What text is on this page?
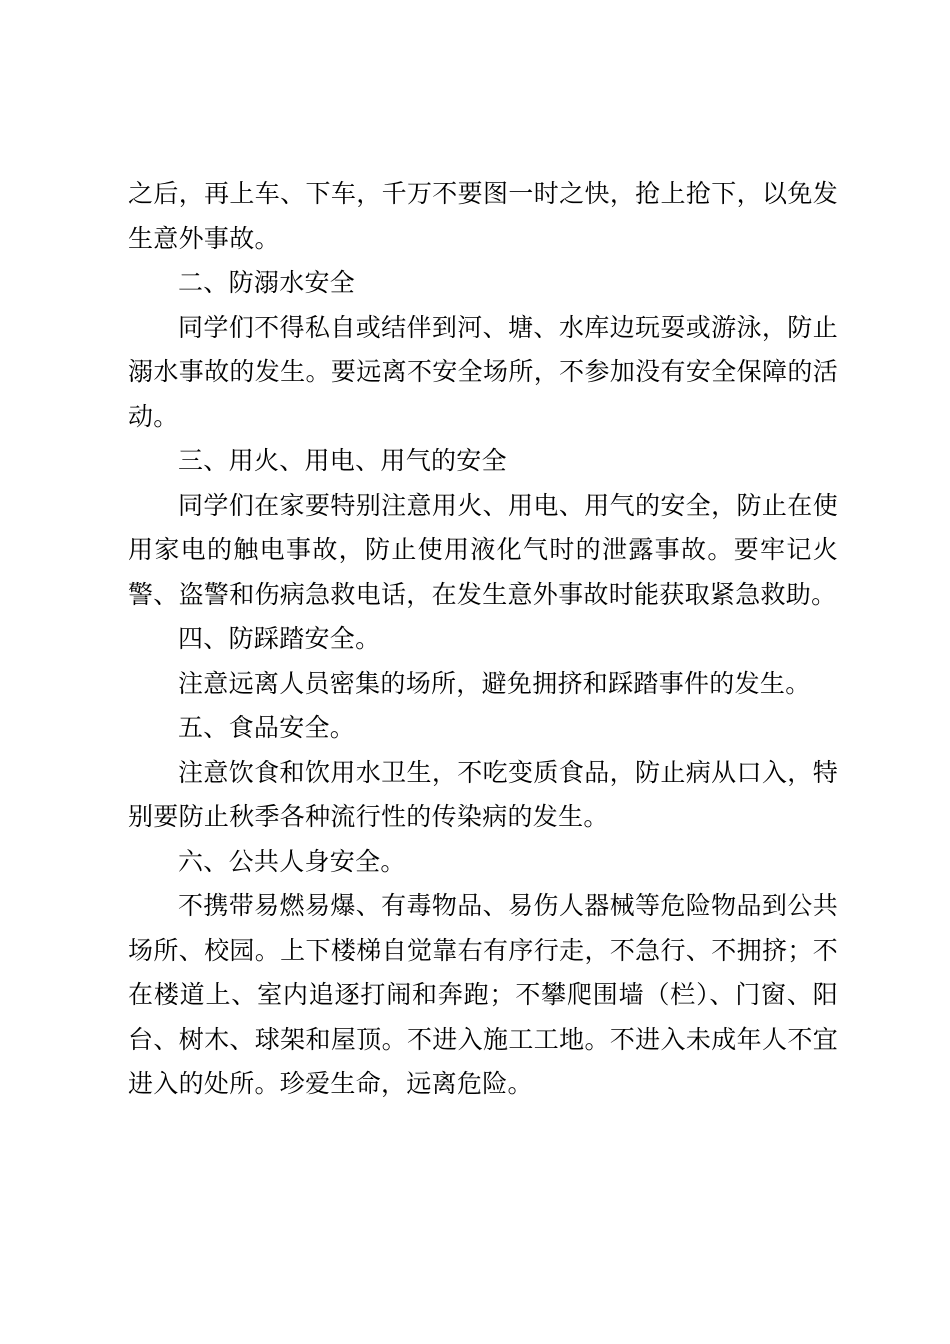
之后，再上车、下车，千万不要图一时之快，抢上抢下，以免发生意外事故。

二、防溺水安全

同学们不得私自或结伴到河、塘、水库边玩耍或游泳，防止溺水事故的发生。要远离不安全场所，不参加没有安全保障的活动。

三、用火、用电、用气的安全

同学们在家要特别注意用火、用电、用气的安全，防止在使用家电的触电事故，防止使用液化气时的泄露事故。要牢记火警、盗警和伤病急救电话，在发生意外事故时能获取紧急救助。

四、防踩踏安全。

注意远离人员密集的场所，避免拥挤和踩踏事件的发生。

五、食品安全。

注意饮食和饮用水卫生，不吃变质食品，防止病从口入，特别要防止秋季各种流行性的传染病的发生。

六、公共人身安全。

不携带易燃易爆、有毒物品、易伤人器械等危险物品到公共场所、校园。上下楼梯自觉靠右有序行走，不急行、不拥挤；不在楼道上、室内追逐打闹和奔跑；不攀爬围墙（栏）、门窗、阳台、树木、球架和屋顶。不进入施工工地。不进入未成年人不宜进入的处所。珍爱生命，远离危险。
